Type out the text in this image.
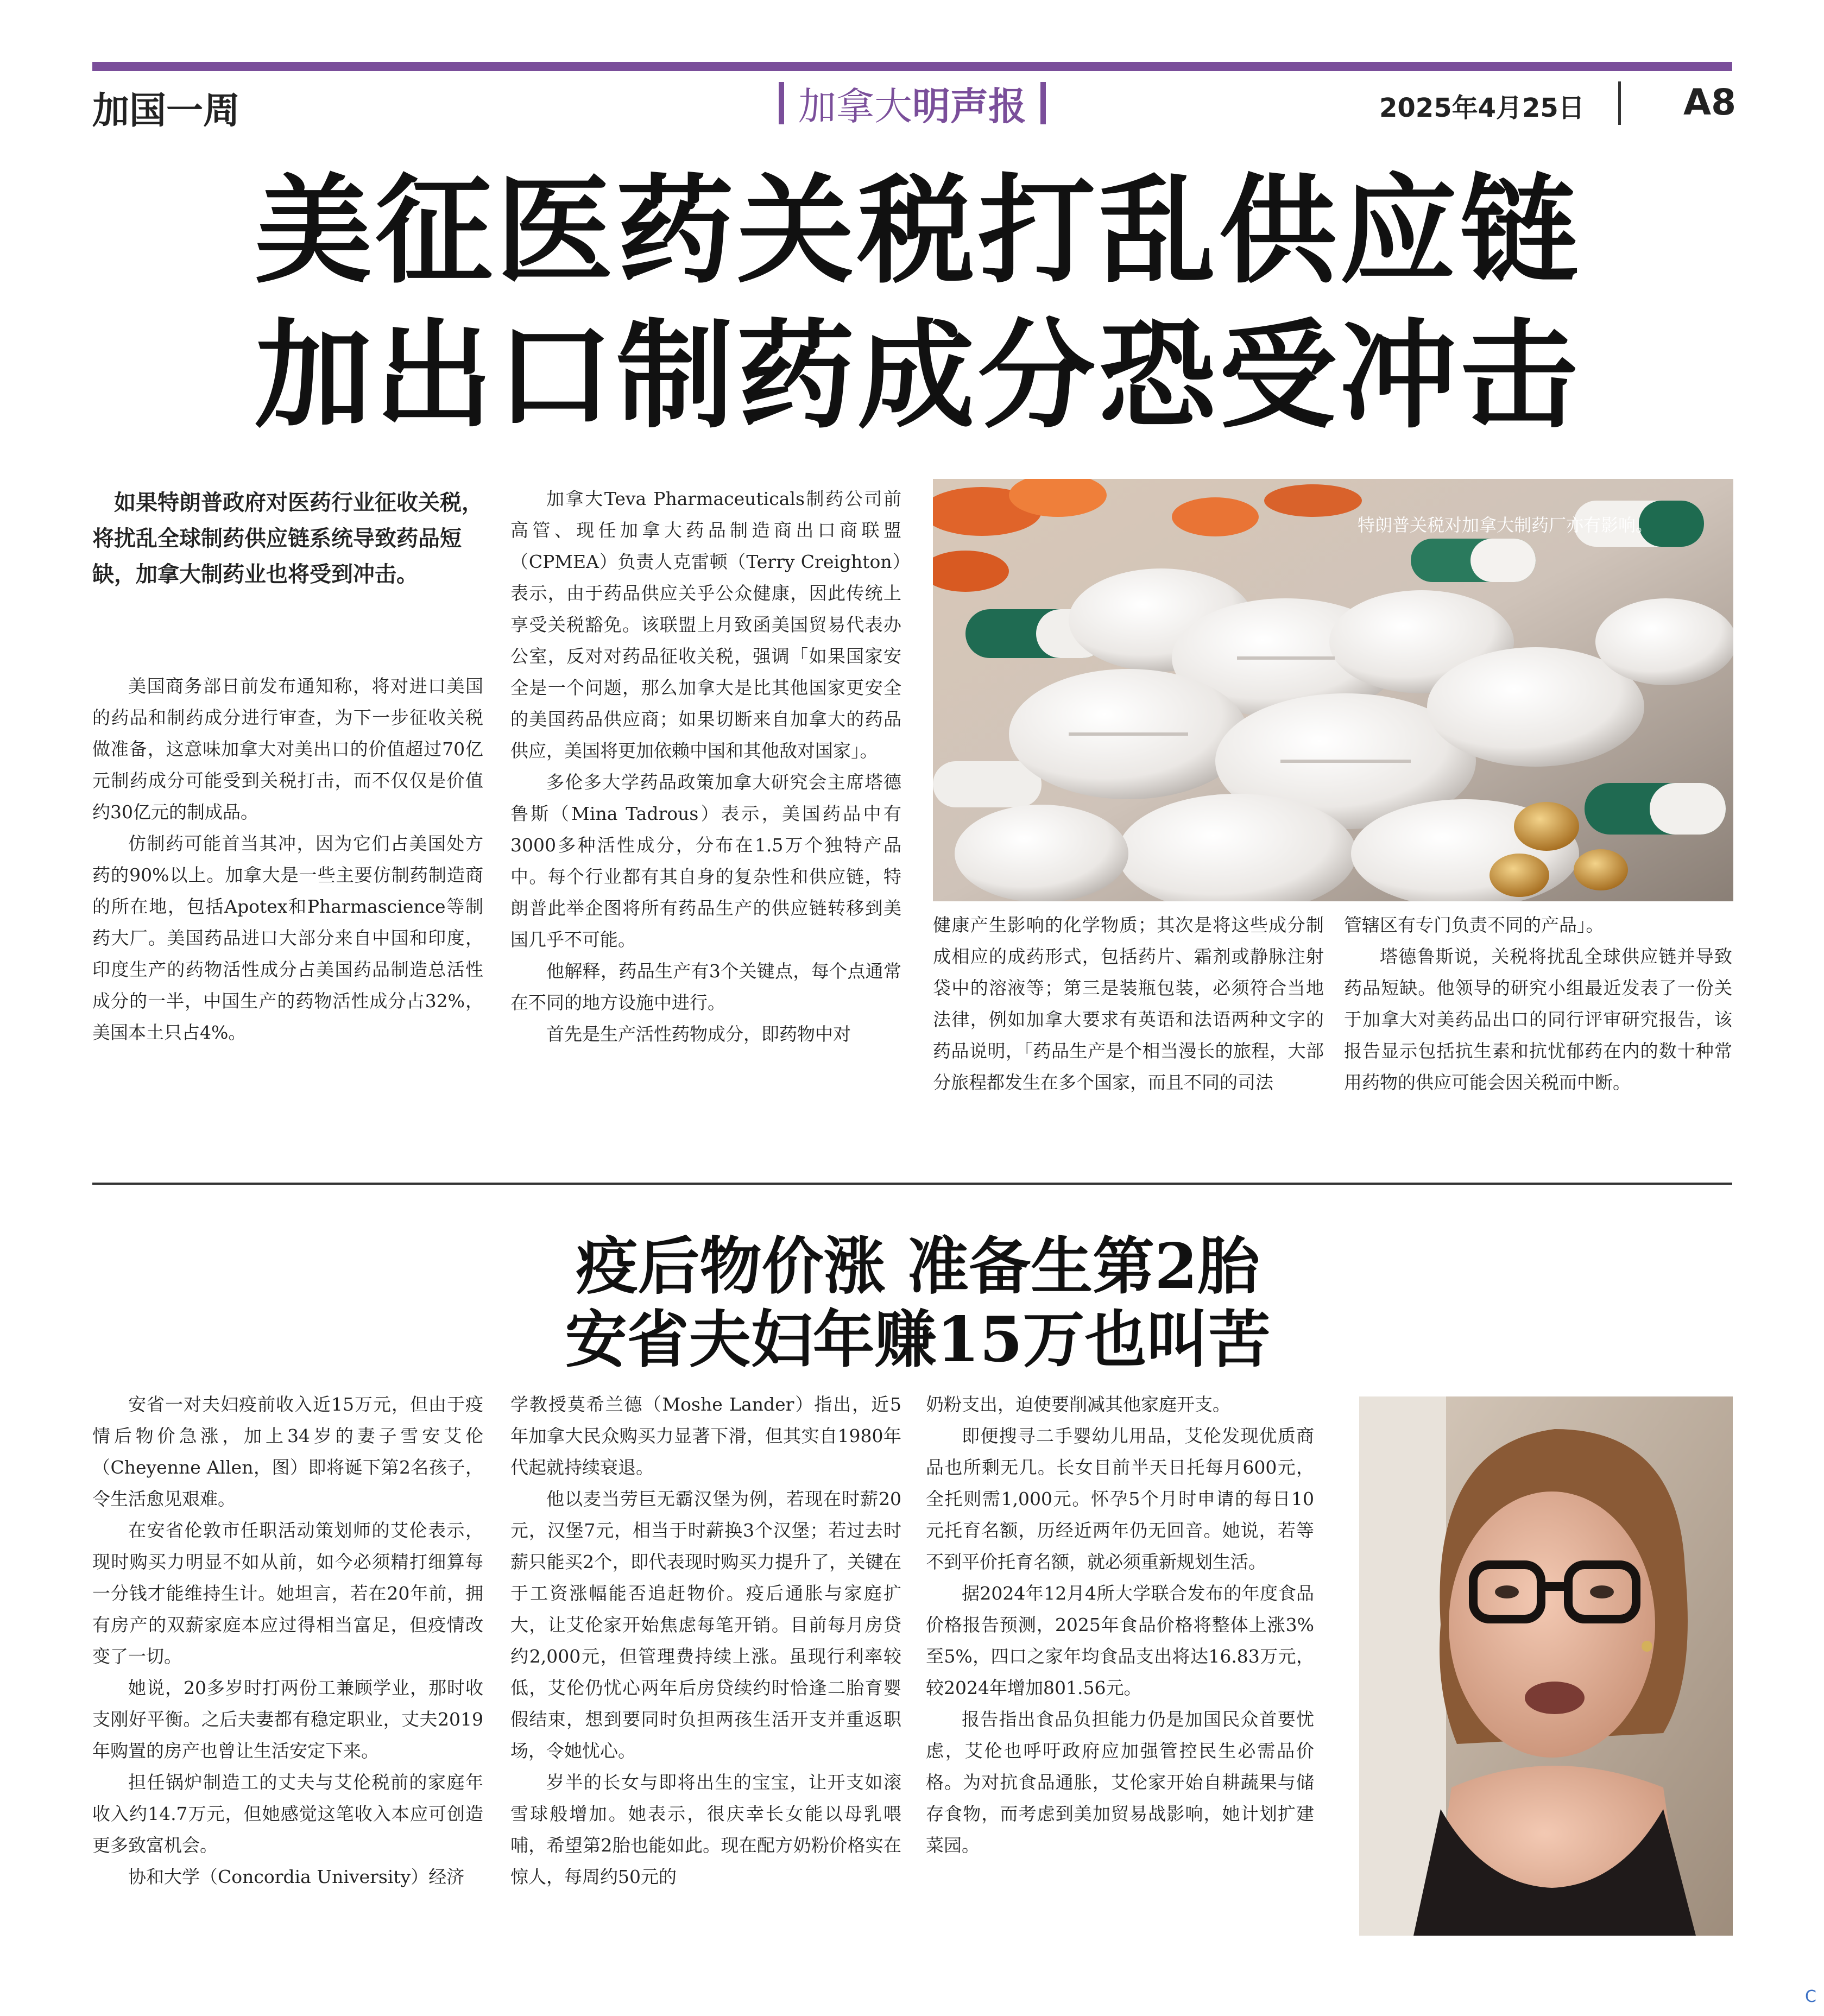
加国一周	加拿大明声报	2025年4月25日	A8
美征医药关税打乱供应链
加出口制药成分恐受冲击

如果特朗普政府对医药行业征收关税，将扰乱全球制药供应链系统导致药品短缺，加拿大制药业也将受到冲击。

美国商务部日前发布通知称，将对进口美国的药品和制药成分进行审查，为下一步征收关税做准备，这意味加拿大对美出口的价值超过70亿元制药成分可能受到关税打击，而不仅仅是价值约30亿元的制成品。

仿制药可能首当其冲，因为它们占美国处方药的90%以上。加拿大是一些主要仿制药制造商的所在地，包括Apotex和Pharmascience等制药大厂。美国药品进口大部分来自中国和印度，印度生产的药物活性成分占美国药品制造总活性成分的一半，中国生产的药物活性成分占32%，美国本土只占4%。

加拿大Teva Pharmaceuticals制药公司前高管、现任加拿大药品制造商出口商联盟（CPMEA）负责人克雷顿（Terry Creighton）表示，由于药品供应关乎公众健康，因此传统上享受关税豁免。该联盟上月致函美国贸易代表办公室，反对对药品征收关税，强调「如果国家安全是一个问题，那么加拿大是比其他国家更安全的美国药品供应商；如果切断来自加拿大的药品供应，美国将更加依赖中国和其他敌对国家」。

多伦多大学药品政策加拿大研究会主席塔德鲁斯（Mina Tadrous）表示，美国药品中有3000多种活性成分，分布在1.5万个独特产品中。每个行业都有其自身的复杂性和供应链，特朗普此举企图将所有药品生产的供应链转移到美国几乎不可能。

他解释，药品生产有3个关键点，每个点通常在不同的地方设施中进行。

首先是生产活性药物成分，即药物中对

特朗普关税对加拿大制药厂亦有影响。

健康产生影响的化学物质；其次是将这些成分制成相应的成药形式，包括药片、霜剂或静脉注射袋中的溶液等；第三是装瓶包装，必须符合当地法律，例如加拿大要求有英语和法语两种文字的药品说明，「药品生产是个相当漫长的旅程，大部分旅程都发生在多个国家，而且不同的司法

管辖区有专门负责不同的产品」。

塔德鲁斯说，关税将扰乱全球供应链并导致药品短缺。他领导的研究小组最近发表了一份关于加拿大对美药品出口的同行评审研究报告，该报告显示包括抗生素和抗忧郁药在内的数十种常用药物的供应可能会因关税而中断。

疫后物价涨 准备生第2胎
安省夫妇年赚15万也叫苦

安省一对夫妇疫前收入近15万元，但由于疫情后物价急涨，加上34岁的妻子雪安艾伦（Cheyenne Allen，图）即将诞下第2名孩子，令生活愈见艰难。

在安省伦敦市任职活动策划师的艾伦表示，现时购买力明显不如从前，如今必须精打细算每一分钱才能维持生计。她坦言，若在20年前，拥有房产的双薪家庭本应过得相当富足，但疫情改变了一切。

她说，20多岁时打两份工兼顾学业，那时收支刚好平衡。之后夫妻都有稳定职业，丈夫2019年购置的房产也曾让生活安定下来。

担任锅炉制造工的丈夫与艾伦税前的家庭年收入约14.7万元，但她感觉这笔收入本应可创造更多致富机会。

协和大学（Concordia University）经济

学教授莫希兰德（Moshe Lander）指出，近5年加拿大民众购买力显著下滑，但其实自1980年代起就持续衰退。

他以麦当劳巨无霸汉堡为例，若现在时薪20元，汉堡7元，相当于时薪换3个汉堡；若过去时薪只能买2个，即代表现时购买力提升了，关键在于工资涨幅能否追赶物价。疫后通胀与家庭扩大，让艾伦家开始焦虑每笔开销。目前每月房贷约2,000元，但管理费持续上涨。虽现行利率较低，艾伦仍忧心两年后房贷续约时恰逢二胎育婴假结束，想到要同时负担两孩生活开支并重返职场，令她忧心。

岁半的长女与即将出生的宝宝，让开支如滚雪球般增加。她表示，很庆幸长女能以母乳喂哺，希望第2胎也能如此。现在配方奶粉价格实在惊人，每周约50元的

奶粉支出，迫使要削减其他家庭开支。

即便搜寻二手婴幼儿用品，艾伦发现优质商品也所剩无几。长女目前半天日托每月600元，全托则需1,000元。怀孕5个月时申请的每日10元托育名额，历经近两年仍无回音。她说，若等不到平价托育名额，就必须重新规划生活。

据2024年12月4所大学联合发布的年度食品价格报告预测，2025年食品价格将整体上涨3%至5%，四口之家年均食品支出将达16.83万元，较2024年增加801.56元。

报告指出食品负担能力仍是加国民众首要忧虑，艾伦也呼吁政府应加强管控民生必需品价格。为对抗食品通胀，艾伦家开始自耕蔬果与储存食物，而考虑到美加贸易战影响，她计划扩建菜园。

C
